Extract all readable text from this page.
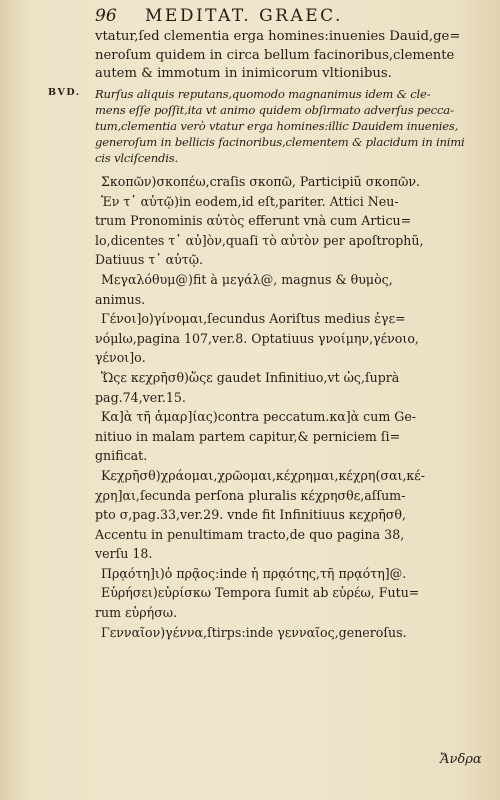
96	MEDITAT. GRAEC.
vtatur,ſed clementia erga homines:inuenies Dauid,ge=
neroſum quidem in circa bellum facinoribus,clemente
autem & immotum in inimicorum vltionibus.
BVD. Rurſus aliquis reputans,quomodo magnanimus idem & cle-
mens eſſe poſſit,ita vt animo quidem obſirmato adverſus pecca-
tum,clementia verò vtatur erga homines:illic Dauidem inuenies,
generoſum in bellicis facinoribus,clementem & placidum in inimi
cis vlciſcendis.
Σκοπῶν)σκοπέω,craſis σκοπῶ, Participiũ σκοπῶν.
Ἐν τ᾽ αὐτῷ)in eodem,id eſt,pariter. Attici Neu-
trum Pronominis αὐτὸς efferunt vnà cum Articu=
lo,dicentes τ᾽ αὐ]ὸν,quaſi τὸ αὐτὸν per apoſtrophũ,
Datiuus τ᾽ αὐτῷ.
Μεγαλόθυμ@)fit à μεγάλ@, magnus & θυμὸς,
animus.
Γένοι]ο)γίνομαι,ſecundus Aoriſtus medius ἐγε=
νόμlω,pagina 107,ver.8. Optatiuus γνοίμην,γένοιο,
γένοι]ο.
Ὥςε κεχρῆσθ)ὥςε gaudet Infinitiuo,vt ὡς,ſuprà
pag.74,ver.15.
Κα]ὰ τῆ ἁμαρ]ίας)contra peccatum.κα]ὰ cum Ge-
nitiuo in malam partem capitur,& perniciem ſi=
gnificat.
Κεχρῆσθ)χράομαι,χρῶομαι,κέχρημαι,κέχρη(σαι,κέ-
χρη]αι,ſecunda perſona pluralis κέχρησθε,aſſum-
pto σ,pag.33,ver.29. vnde fit Infinitiuus κεχρῆσθ,
Accentu in penultimam tracto,de quo pagina 38,
verſu 18.
Πρᾳότη]ι)ὁ πρᾷος:inde ἡ πρᾳότης,τῆ πρᾳότη]@.
Εὑρήσει)εὑρίσκω Tempora ſumit ab εὑρέω, Futu=
rum εὑρήσω.
Γενναῖον)γέννα,ſtirps:inde γενναῖος,generoſus.
Ἄνδρα
